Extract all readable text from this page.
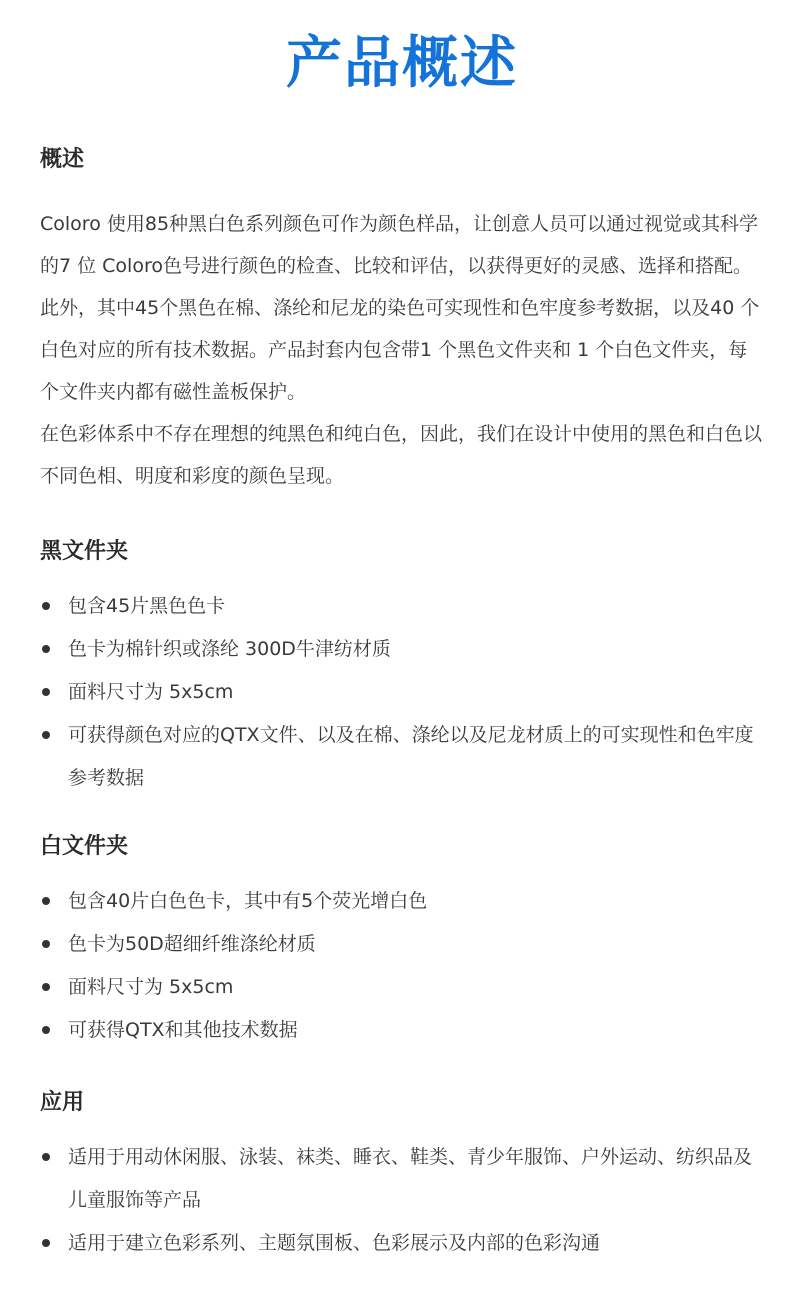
产品概述
概述

Coloro 使用85种黑白色系列颜色可作为颜色样品，让创意人员可以通过视觉或其科学的7 位 Coloro色号进行颜色的检查、比较和评估，以获得更好的灵感、选择和搭配。

此外，其中45个黑色在棉、涤纶和尼龙的染色可实现性和色牢度参考数据，以及40 个白色对应的所有技术数据。产品封套内包含带1 个黑色文件夹和 1 个白色文件夹，每个文件夹内都有磁性盖板保护。

在色彩体系中不存在理想的纯黑色和纯白色，因此，我们在设计中使用的黑色和白色以不同色相、明度和彩度的颜色呈现。

黑文件夹
包含45片黑色色卡
色卡为棉针织或涤纶 300D牛津纺材质
面料尺寸为 5x5cm
可获得颜色对应的QTX文件、以及在棉、涤纶以及尼龙材质上的可实现性和色牢度参考数据
白文件夹
包含40片白色色卡，其中有5个荧光增白色
色卡为50D超细纤维涤纶材质
面料尺寸为 5x5cm
可获得QTX和其他技术数据
应用
适用于用动休闲服、泳装、袜类、睡衣、鞋类、青少年服饰、户外运动、纺织品及儿童服饰等产品
适用于建立色彩系列、主题氛围板、色彩展示及内部的色彩沟通
